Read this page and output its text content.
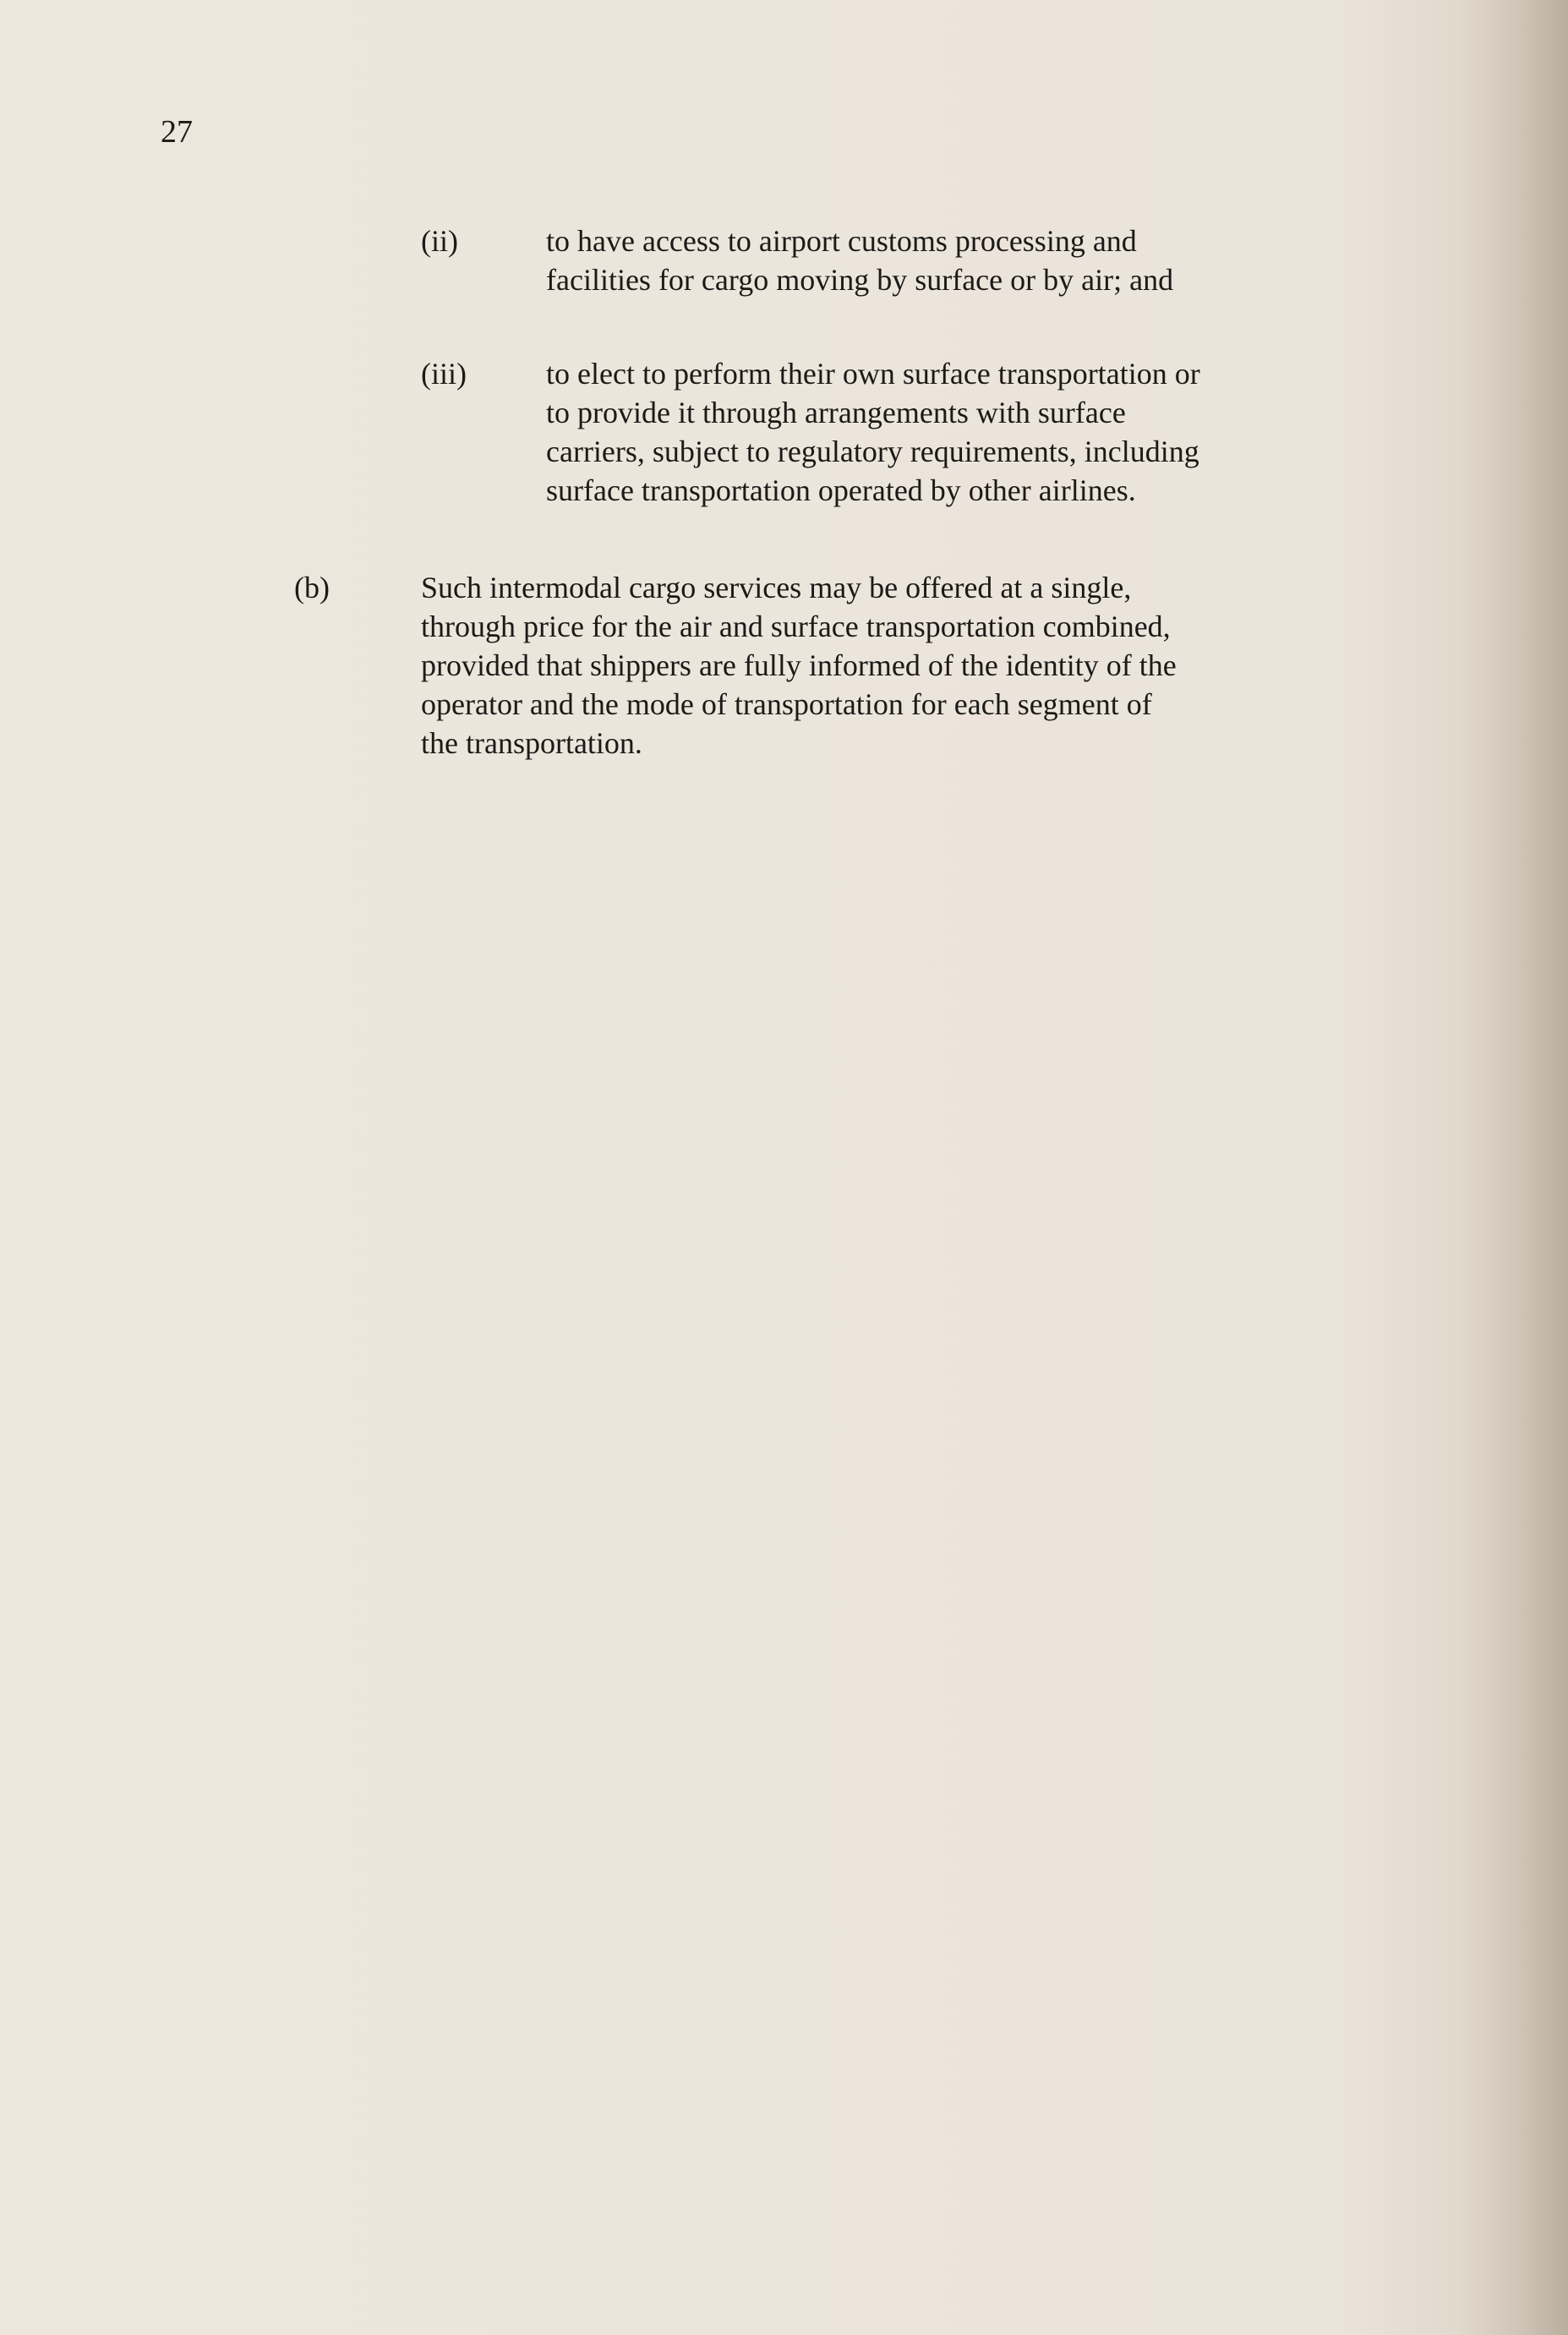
27
(ii)	to have access to airport customs processing and
facilities for cargo moving by surface or by air; and
(iii)	to elect to perform their own surface transportation or
to provide it through arrangements with surface
carriers, subject to regulatory requirements, including
surface transportation operated by other airlines.
(b)	Such intermodal cargo services may be offered at a single,
through price for the air and surface transportation combined,
provided that shippers are fully informed of the identity of the
operator and the mode of transportation for each segment of
the transportation.
